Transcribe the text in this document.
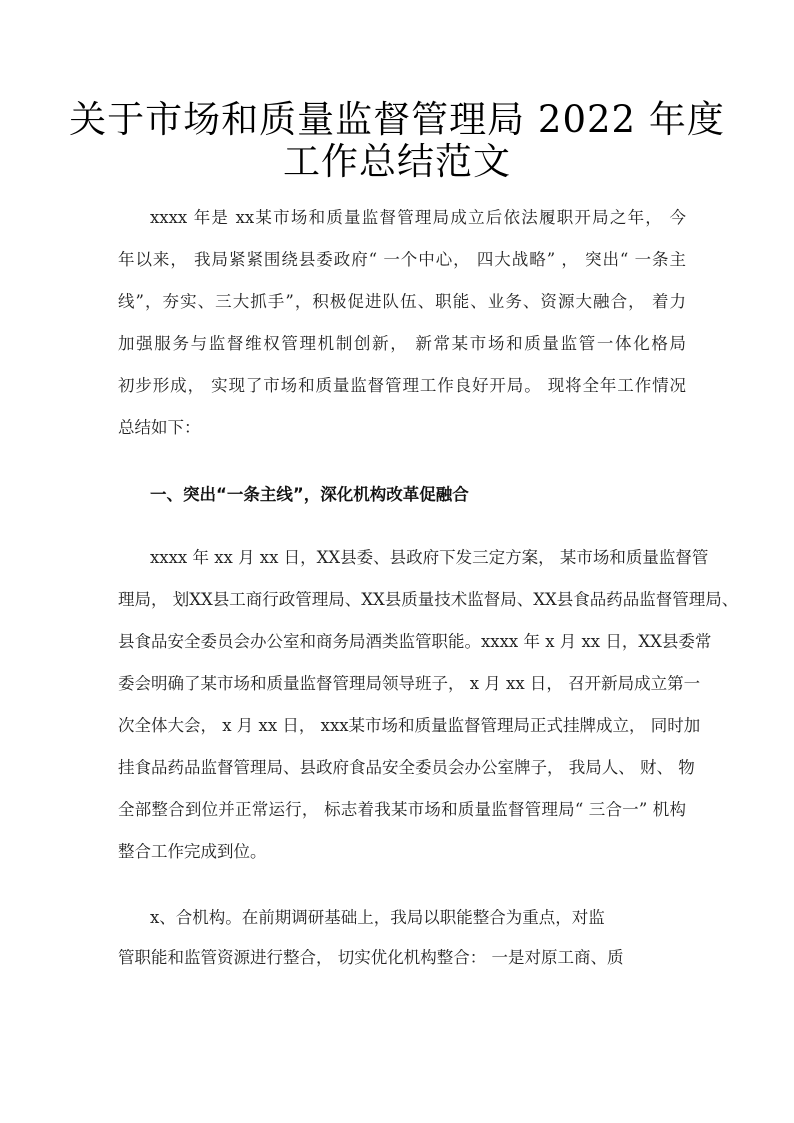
关于市场和质量监督管理局 2022 年度
工作总结范文
xxxx 年是 xx某市场和质量监督管理局成立后依法履职开局之年， 今
年以来， 我局紧紧围绕县委政府“ 一个中心， 四大战略” ， 突出“ 一条主
线”，夯实、三大抓手”，积极促进队伍、职能、业务、资源大融合， 着力
加强服务与监督维权管理机制创新， 新常某市场和质量监管一体化格局
初步形成， 实现了市场和质量监督管理工作良好开局。 现将全年工作情况
总结如下：
一、突出“一条主线”，深化机构改革促融合
xxxx 年 xx 月 xx 日，XX县委、县政府下发三定方案， 某市场和质量监督管
理局， 划XX县工商行政管理局、XX县质量技术监督局、XX县食品药品监督管理局、
县食品安全委员会办公室和商务局酒类监管职能。xxxx 年 x 月 xx 日，XX县委常
委会明确了某市场和质量监督管理局领导班子， x 月 xx 日， 召开新局成立第一
次全体大会， x 月 xx 日， xxx某市场和质量监督管理局正式挂牌成立， 同时加
挂食品药品监督管理局、县政府食品安全委员会办公室牌子， 我局人、 财、 物
全部整合到位并正常运行， 标志着我某市场和质量监督管理局“ 三合一” 机构
整合工作完成到位。
x、合机构。在前期调研基础上，我局以职能整合为重点，对监
管职能和监管资源进行整合， 切实优化机构整合： 一是对原工商、质
